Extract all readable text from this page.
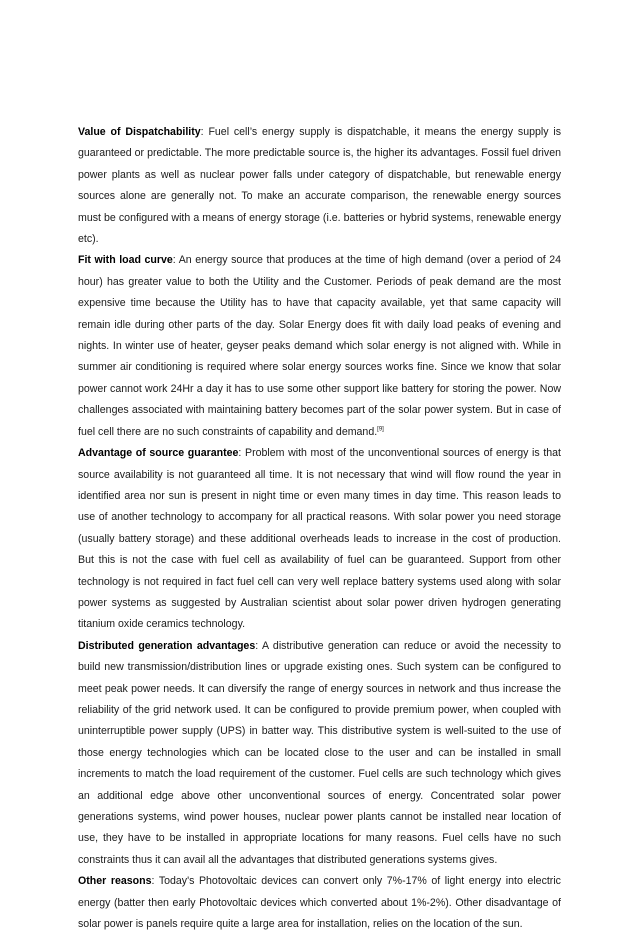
Value of Dispatchability: Fuel cell’s energy supply is dispatchable, it means the energy supply is guaranteed or predictable. The more predictable source is, the higher its advantages. Fossil fuel driven power plants as well as nuclear power falls under category of dispatchable, but renewable energy sources alone are generally not. To make an accurate comparison, the renewable energy sources must be configured with a means of energy storage (i.e. batteries or hybrid systems, renewable energy etc).

Fit with load curve: An energy source that produces at the time of high demand (over a period of 24 hour) has greater value to both the Utility and the Customer. Periods of peak demand are the most expensive time because the Utility has to have that capacity available, yet that same capacity will remain idle during other parts of the day. Solar Energy does fit with daily load peaks of evening and nights. In winter use of heater, geyser peaks demand which solar energy is not aligned with. While in summer air conditioning is required where solar energy sources works fine. Since we know that solar power cannot work 24Hr a day it has to use some other support like battery for storing the power. Now challenges associated with maintaining battery becomes part of the solar power system. But in case of fuel cell there are no such constraints of capability and demand.[9]

Advantage of source guarantee: Problem with most of the unconventional sources of energy is that source availability is not guaranteed all time. It is not necessary that wind will flow round the year in identified area nor sun is present in night time or even many times in day time. This reason leads to use of another technology to accompany for all practical reasons. With solar power you need storage (usually battery storage) and these additional overheads leads to increase in the cost of production. But this is not the case with fuel cell as availability of fuel can be guaranteed. Support from other technology is not required in fact fuel cell can very well replace battery systems used along with solar power systems as suggested by Australian scientist about solar power driven hydrogen generating titanium oxide ceramics technology.

Distributed generation advantages: A distributive generation can reduce or avoid the necessity to build new transmission/distribution lines or upgrade existing ones. Such system can be configured to meet peak power needs. It can diversify the range of energy sources in network and thus increase the reliability of the grid network used. It can be configured to provide premium power, when coupled with uninterruptible power supply (UPS) in batter way. This distributive system is well-suited to the use of those energy technologies which can be located close to the user and can be installed in small increments to match the load requirement of the customer. Fuel cells are such technology which gives an additional edge above other unconventional sources of energy. Concentrated solar power generations systems, wind power houses, nuclear power plants cannot be installed near location of use, they have to be installed in appropriate locations for many reasons. Fuel cells have no such constraints thus it can avail all the advantages that distributed generations systems gives.

Other reasons: Today's Photovoltaic devices can convert only 7%-17% of light energy into electric energy (batter then early Photovoltaic devices which converted about 1%-2%). Other disadvantage of solar power is panels require quite a large area for installation, relies on the location of the sun.
